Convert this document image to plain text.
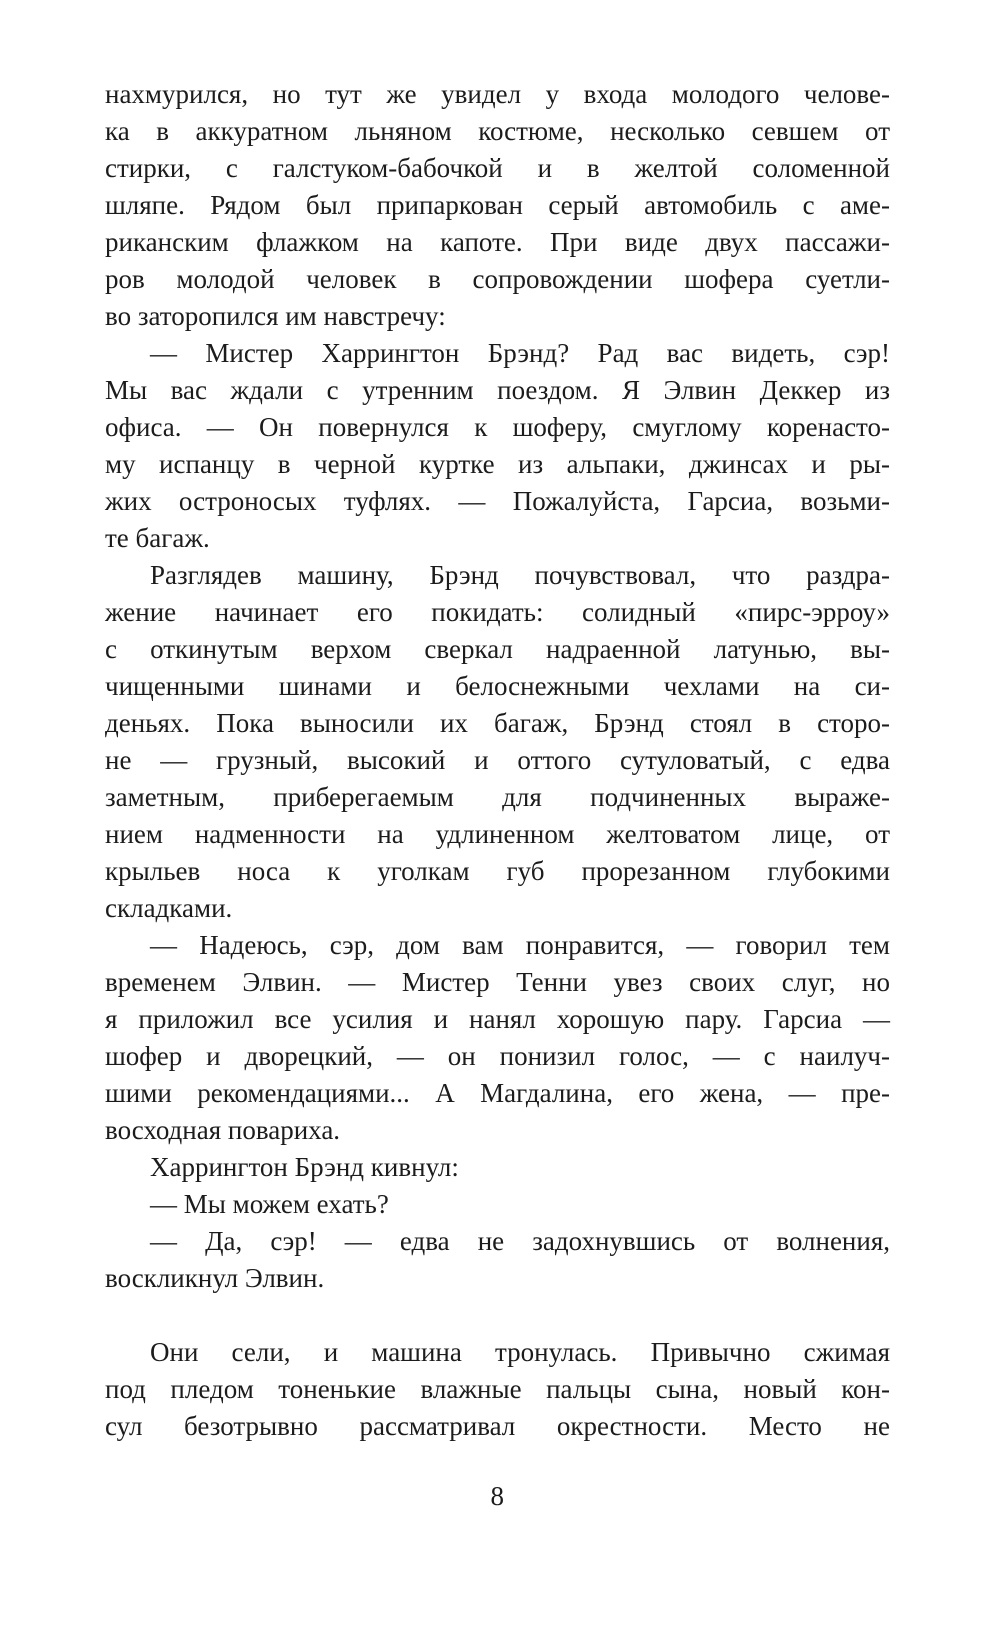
нахмурился, но тут же увидел у входа молодого челове-
ка в аккуратном льняном костюме, несколько севшем от
стирки, с галстуком-бабочкой и в желтой соломенной
шляпе. Рядом был припаркован серый автомобиль с аме-
риканским флажком на капоте. При виде двух пассажи-
ров молодой человек в сопровождении шофера суетли-
во заторопился им навстречу:
— Мистер Харрингтон Брэнд? Рад вас видеть, сэр!
Мы вас ждали с утренним поездом. Я Элвин Деккер из
офиса. — Он повернулся к шоферу, смуглому коренасто-
му испанцу в черной куртке из альпаки, джинсах и ры-
жих остроносых туфлях. — Пожалуйста, Гарсиа, возьми-
те багаж.
Разглядев машину, Брэнд почувствовал, что раздра-
жение начинает его покидать: солидный «пирс-эрроу»
с откинутым верхом сверкал надраенной латунью, вы-
чищенными шинами и белоснежными чехлами на си-
деньях. Пока выносили их багаж, Брэнд стоял в сторо-
не — грузный, высокий и оттого сутуловатый, с едва
заметным, приберегаемым для подчиненных выраже-
нием надменности на удлиненном желтоватом лице, от
крыльев носа к уголкам губ прорезанном глубокими
складками.
— Надеюсь, сэр, дом вам понравится, — говорил тем
временем Элвин. — Мистер Тенни увез своих слуг, но
я приложил все усилия и нанял хорошую пару. Гарсиа —
шофер и дворецкий, — он понизил голос, — с наилуч-
шими рекомендациями... А Магдалина, его жена, — пре-
восходная повариха.
Харрингтон Брэнд кивнул:
— Мы можем ехать?
— Да, сэр! — едва не задохнувшись от волнения,
воскликнул Элвин.
Они сели, и машина тронулась. Привычно сжимая
под пледом тоненькие влажные пальцы сына, новый кон-
сул безотрывно рассматривал окрестности. Место не
8
